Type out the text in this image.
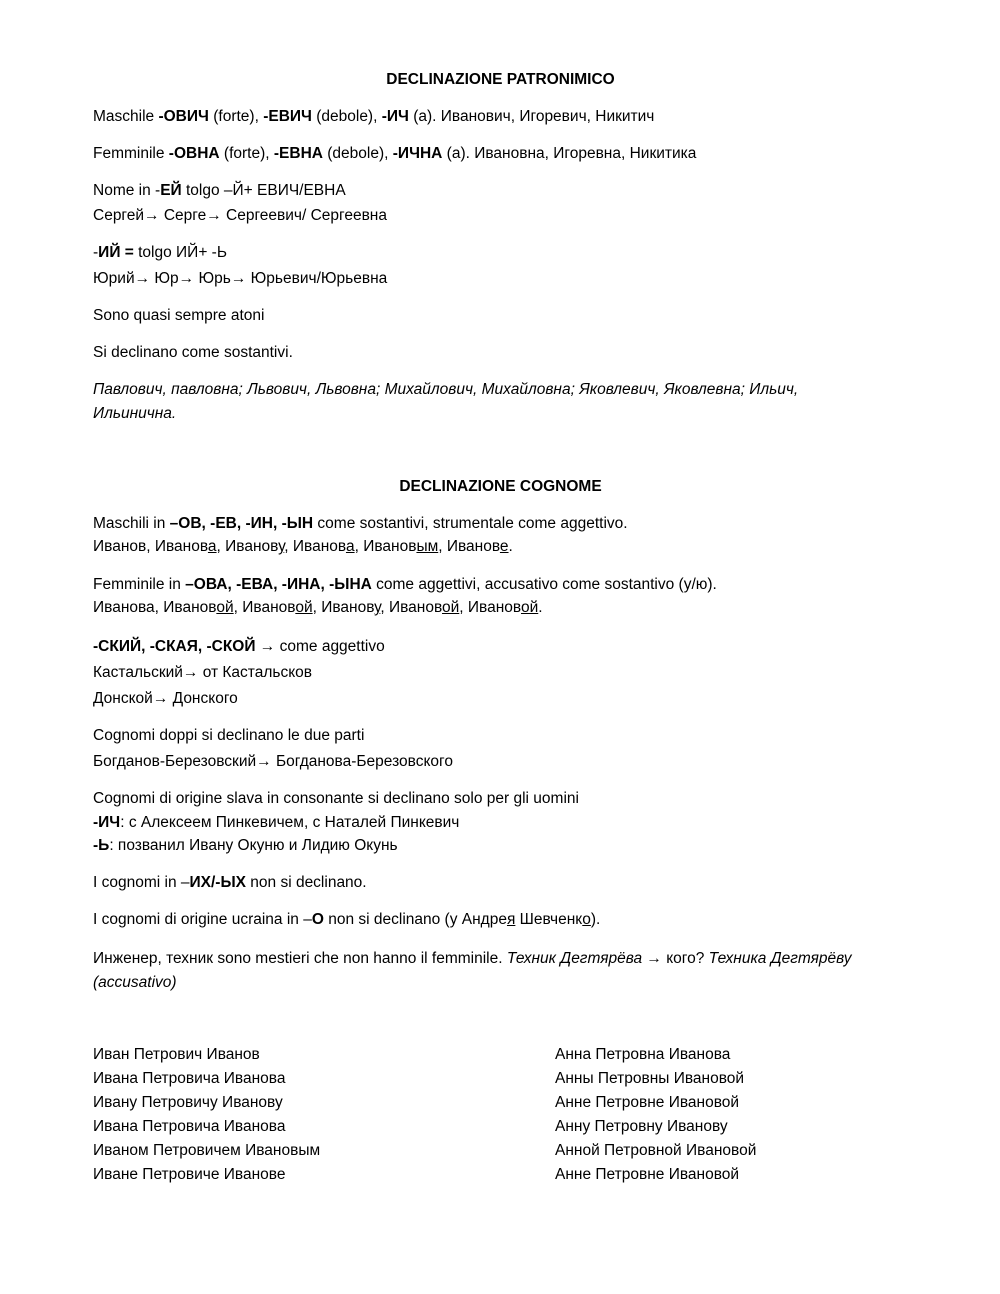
DECLINAZIONE PATRONIMICO
Maschile -ОВИЧ (forte), -ЕВИЧ (debole), -ИЧ (a). Иванович, Игоревич, Никитич
Femminile -ОВНА (forte), -ЕВНА (debole), -ИЧНА (a). Ивановна, Игоревна, Никитика
Nome in -ЕЙ tolgo –Й+ ЕВИЧ/ЕВНА
Сергей→ Серге→ Сергеевич/ Сергеевна
-ИЙ = tolgo ИЙ+ -Ь
Юрий→ Юр→ Юрь→ Юрьевич/Юрьевна
Sono quasi sempre atoni
Si declinano come sostantivi.
Павлович, павловна; Львович, Львовна; Михайлович, Михайловна; Яковлевич, Яковлевна; Ильич, Ильинична.
DECLINAZIONE COGNOME
Maschili in –ОВ, -ЕВ, -ИН, -ЫН come sostantivi, strumentale come aggettivo.
Иванов, Иванова, Иванову, Иванова, Ивановым, Иванове.
Femminile in –ОВА, -ЕВА, -ИНА, -ЫНА come aggettivi, accusativo come sostantivo (у/ю).
Иванова, Ивановой, Ивановой, Иванову, Ивановой, Ивановой.
-СКИЙ, -СКАЯ, -СКОЙ → come aggettivo
Кастальский→ от Кастальсков
Донской→ Донского
Cognomi doppi si declinano le due parti
Богданов-Березовский→ Богданова-Березовского
Cognomi di origine slava in consonante si declinano solo per gli uomini
-ИЧ: с Алексеем Пинкевичем, с Натaлей Пинкевич
-Ь: позванил Ивану Окуню и Лидию Окунь
I cognomi in –ИХ/-ЫХ non si declinano.
I cognomi di origine ucraina in –О non si declinano (у Андрея Шевченко).
Инженер, техник sono mestieri che non hanno il femminile. Техник Дегтярёва → кого? Техника Дегтярёву (accusativo)
Иван Петрович Иванов
Ивана Петровича Иванова
Ивану Петровичу Иванову
Ивана Петровича Иванова
Иваном Петровичем Ивановым
Иване Петровиче Иванове
Анна Петровна Иванова
Анны Петровны Ивановой
Анне Петровне Ивановой
Анну Петровну Иванову
Анной Петровной Ивановой
Анне Петровне Ивановой
